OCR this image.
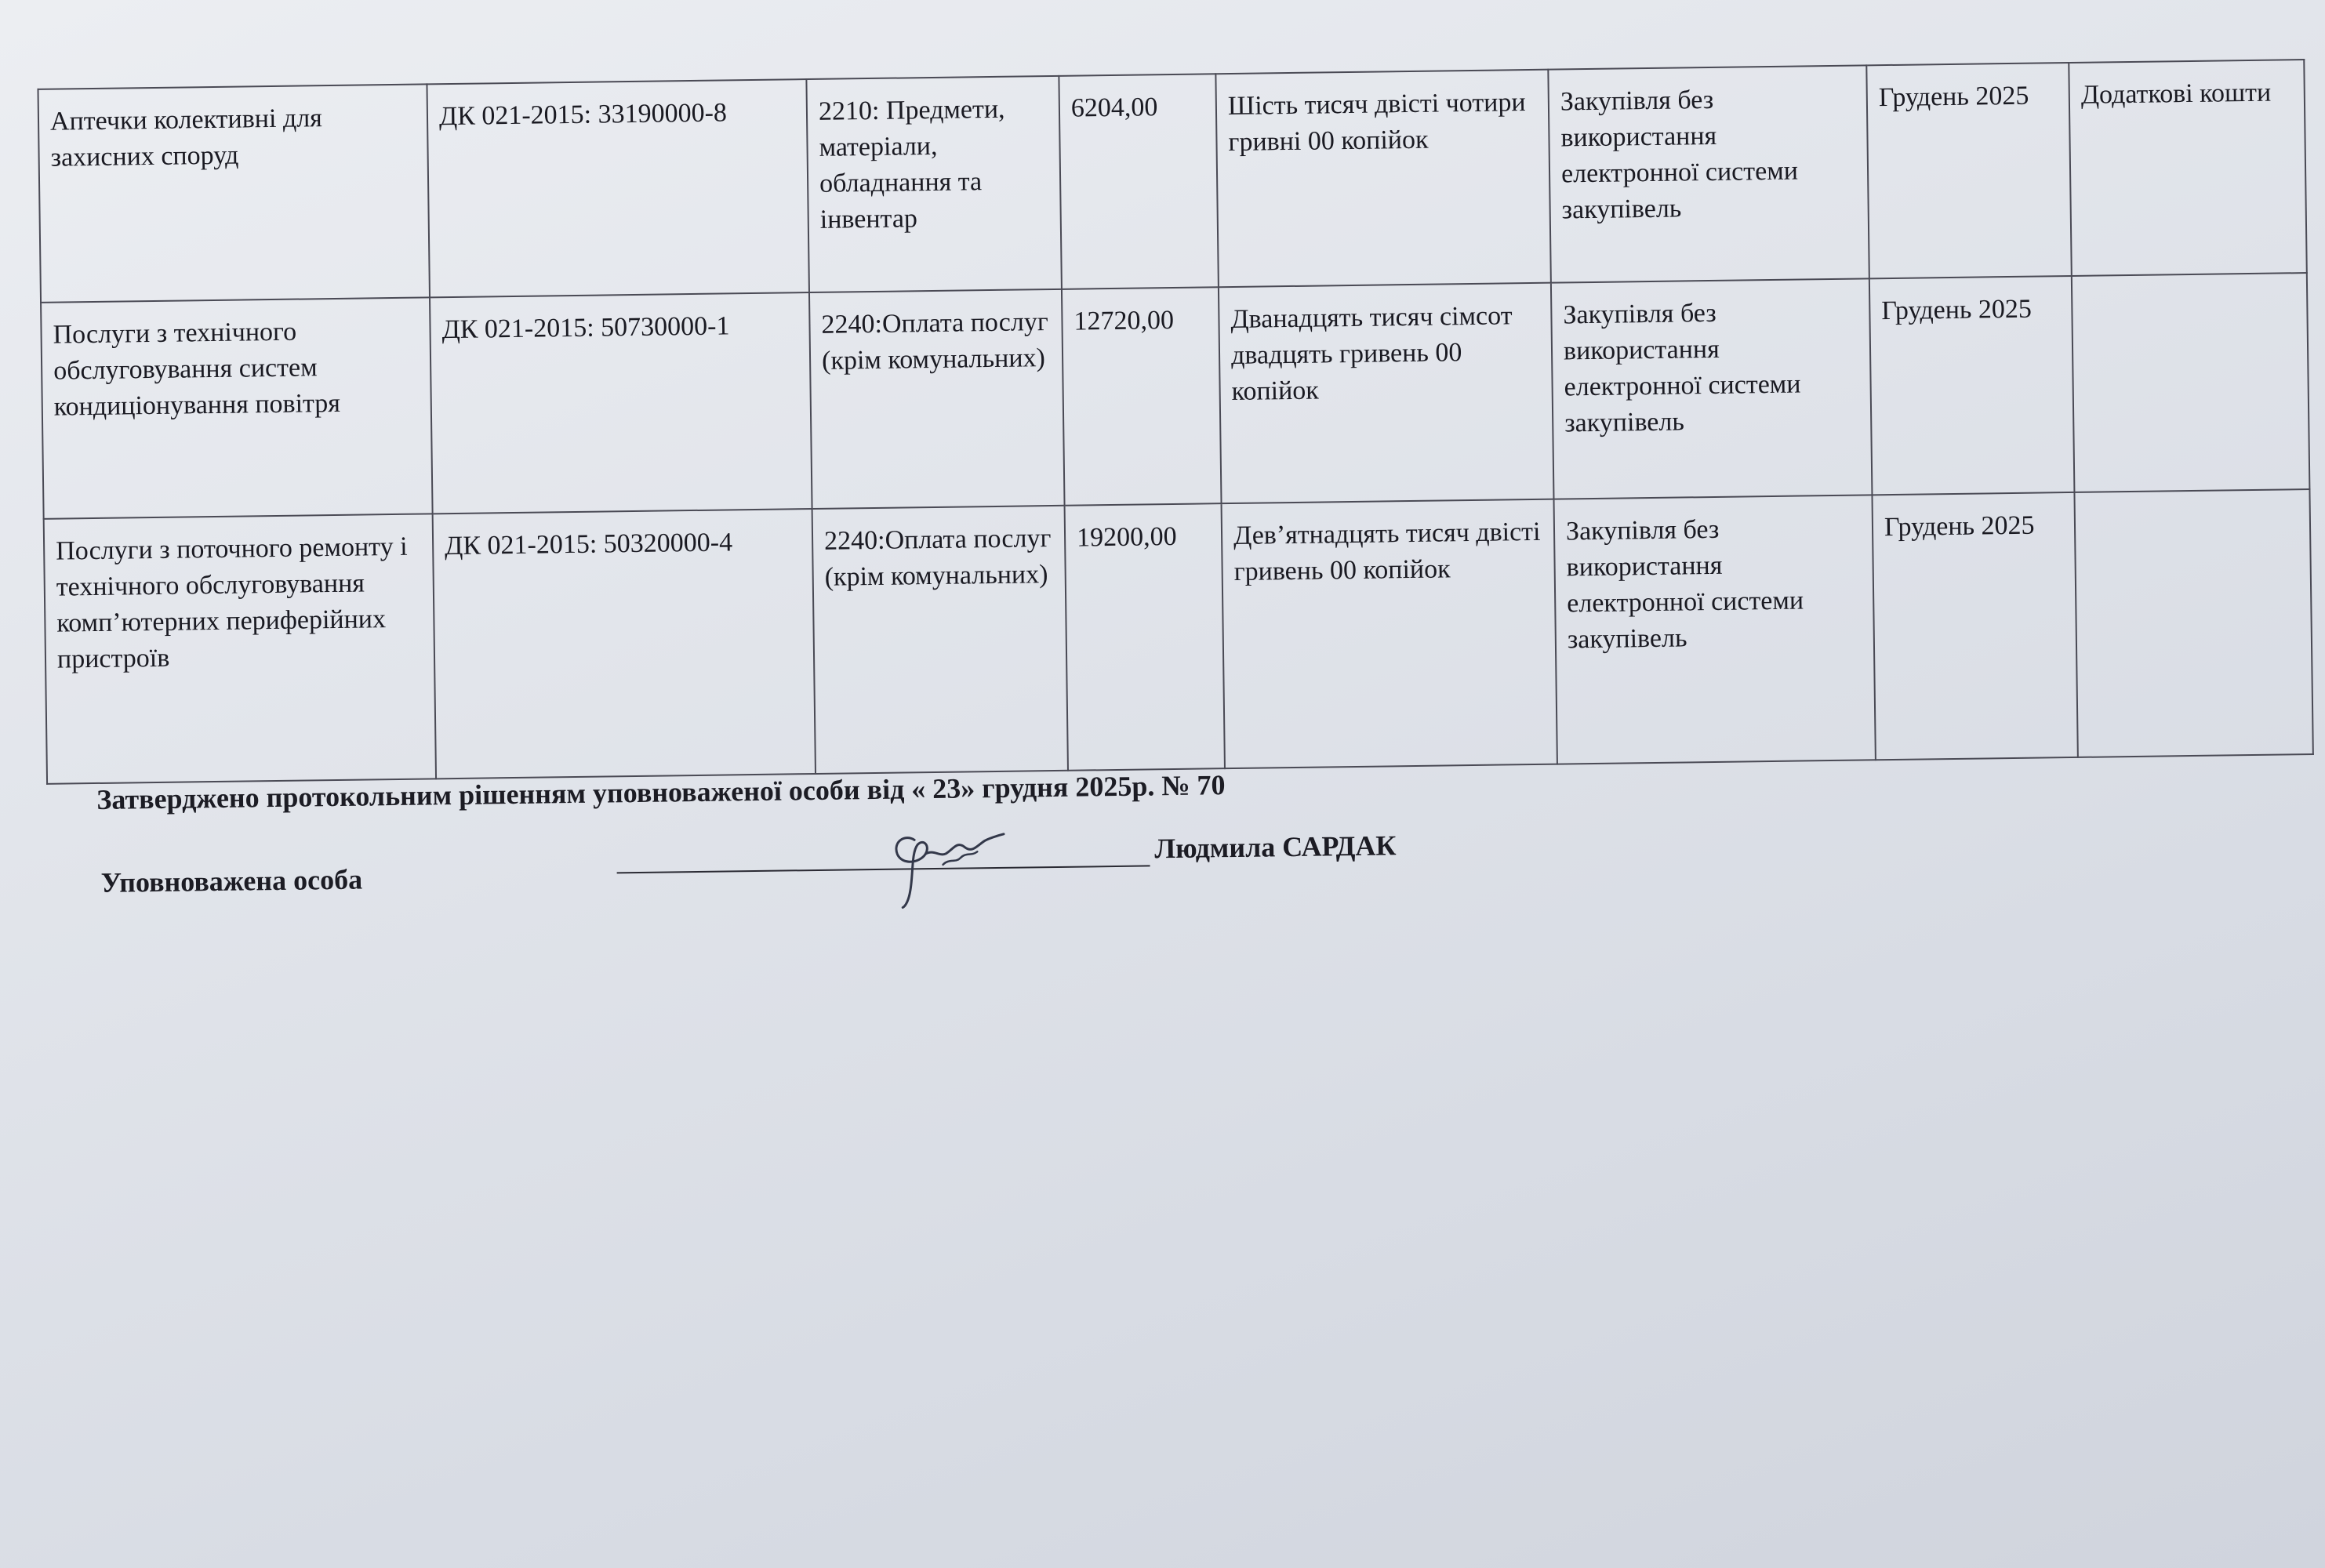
Аптечки колективні для захисних споруд	ДК 021-2015: 33190000-8	2210: Предмети, матеріали, обладнання та інвентар	6204,00	Шість тисяч двісті чотири гривні 00 копійок	Закупівля без використання електронної системи закупівель	Грудень 2025	Додаткові кошти
Послуги з технічного обслуговування систем кондиціонування повітря	ДК 021-2015: 50730000-1	2240:Оплата послуг (крім комунальних)	12720,00	Дванадцять тисяч сімсот двадцять гривень 00 копійок	Закупівля без використання електронної системи закупівель	Грудень 2025	
Послуги з поточного ремонту і технічного обслуговування комп’ютерних периферійних пристроїв	ДК 021-2015: 50320000-4	2240:Оплата послуг (крім комунальних)	19200,00	Дев’ятнадцять тисяч двісті гривень 00 копійок	Закупівля без використання електронної системи закупівель	Грудень 2025	
Затверджено протокольним рішенням уповноваженої особи від « 23» грудня 2025р. № 70
Уповноважена особа
Людмила САРДАК
